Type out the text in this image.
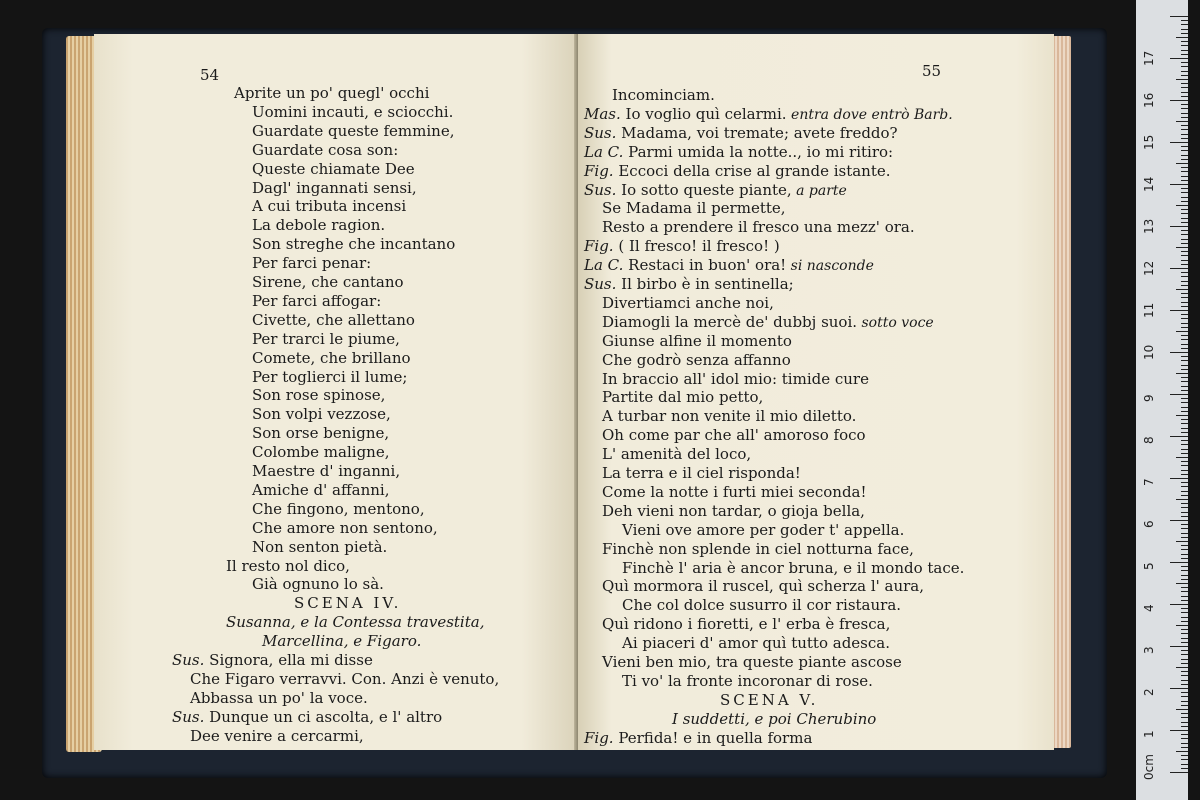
54
Aprite un po' quegl' occhi
Uomini incauti, e sciocchi.
Guardate queste femmine,
Guardate cosa son:
Queste chiamate Dee
Dagl' ingannati sensi,
A cui tributa incensi
La debole ragion.
Son streghe che incantano
Per farci penar:
Sirene, che cantano
Per farci affogar:
Civette, che allettano
Per trarci le piume,
Comete, che brillano
Per toglierci il lume;
Son rose spinose,
Son volpi vezzose,
Son orse benigne,
Colombe maligne,
Maestre d' inganni,
Amiche d' affanni,
Che fingono, mentono,
Che amore non sentono,
Non senton pietà.
Il resto nol dico,
Già ognuno lo sà.
SCENA IV.
Susanna, e la Contessa travestita,
Marcellina, e Figaro.
Sus. Signora, ella mi disse
Che Figaro verravvi. Con. Anzi è venuto,
Abbassa un po' la voce.
Sus. Dunque un ci ascolta, e l' altro
Dee venire a cercarmi,
55
Incominciam.
Mas. Io voglio quì celarmi. entra dove entrò Barb.
Sus. Madama, voi tremate; avete freddo?
La C. Parmi umida la notte.., io mi ritiro:
Fig. Eccoci della crise al grande istante.
Sus. Io sotto queste piante, a parte
Se Madama il permette,
Resto a prendere il fresco una mezz' ora.
Fig. ( Il fresco! il fresco! )
La C. Restaci in buon' ora! si nasconde
Sus. Il birbo è in sentinella;
Divertiamci anche noi,
Diamogli la mercè de' dubbj suoi. sotto voce
Giunse alfine il momento
Che godrò senza affanno
In braccio all' idol mio: timide cure
Partite dal mio petto,
A turbar non venite il mio diletto.
Oh come par che all' amoroso foco
L' amenità del loco,
La terra e il ciel risponda!
Come la notte i furti miei seconda!
Deh vieni non tardar, o gioja bella,
Vieni ove amore per goder t' appella.
Finchè non splende in ciel notturna face,
Finchè l' aria è ancor bruna, e il mondo tace.
Quì mormora il ruscel, quì scherza l' aura,
Che col dolce susurro il cor ristaura.
Quì ridono i fioretti, e l' erba è fresca,
Ai piaceri d' amor quì tutto adesca.
Vieni ben mio, tra queste piante ascose
Ti vo' la fronte incoronar di rose.
SCENA V.
I suddetti, e poi Cherubino
Fig. Perfida! e in quella forma
0cm
1
2
3
4
5
6
7
8
9
10
11
12
13
14
15
16
17
